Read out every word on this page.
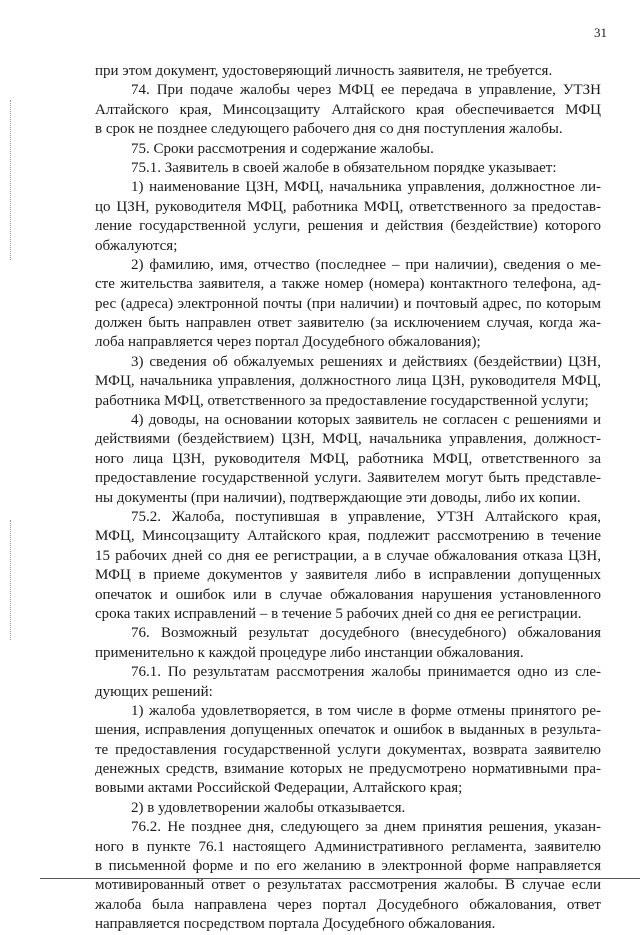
31
при этом документ, удостоверяющий личность заявителя, не требуется.
74. При подаче жалобы через МФЦ ее передача в управление, УТЗН
Алтайского края, Минсоцзащиту Алтайского края обеспечивается МФЦ
в срок не позднее следующего рабочего дня со дня поступления жалобы.
75. Сроки рассмотрения и содержание жалобы.
75.1. Заявитель в своей жалобе в обязательном порядке указывает:
1) наименование ЦЗН, МФЦ, начальника управления, должностное ли-
цо ЦЗН, руководителя МФЦ, работника МФЦ, ответственного за предостав-
ление государственной услуги, решения и действия (бездействие) которого
обжалуются;
2) фамилию, имя, отчество (последнее – при наличии), сведения о ме-
сте жительства заявителя, а также номер (номера) контактного телефона, ад-
рес (адреса) электронной почты (при наличии) и почтовый адрес, по которым
должен быть направлен ответ заявителю (за исключением случая, когда жа-
лоба направляется через портал Досудебного обжалования);
3) сведения об обжалуемых решениях и действиях (бездействии) ЦЗН,
МФЦ, начальника управления, должностного лица ЦЗН, руководителя МФЦ,
работника МФЦ, ответственного за предоставление государственной услуги;
4) доводы, на основании которых заявитель не согласен с решениями и
действиями (бездействием) ЦЗН, МФЦ, начальника управления, должност-
ного лица ЦЗН, руководителя МФЦ, работника МФЦ, ответственного за
предоставление государственной услуги. Заявителем могут быть представле-
ны документы (при наличии), подтверждающие эти доводы, либо их копии.
75.2. Жалоба, поступившая в управление, УТЗН Алтайского края,
МФЦ, Минсоцзащиту Алтайского края, подлежит рассмотрению в течение
15 рабочих дней со дня ее регистрации, а в случае обжалования отказа ЦЗН,
МФЦ в приеме документов у заявителя либо в исправлении допущенных
опечаток и ошибок или в случае обжалования нарушения установленного
срока таких исправлений – в течение 5 рабочих дней со дня ее регистрации.
76. Возможный результат досудебного (внесудебного) обжалования
применительно к каждой процедуре либо инстанции обжалования.
76.1. По результатам рассмотрения жалобы принимается одно из сле-
дующих решений:
1) жалоба удовлетворяется, в том числе в форме отмены принятого ре-
шения, исправления допущенных опечаток и ошибок в выданных в результа-
те предоставления государственной услуги документах, возврата заявителю
денежных средств, взимание которых не предусмотрено нормативными пра-
вовыми актами Российской Федерации, Алтайского края;
2) в удовлетворении жалобы отказывается.
76.2. Не позднее дня, следующего за днем принятия решения, указан-
ного в пункте 76.1 настоящего Административного регламента, заявителю
в письменной форме и по его желанию в электронной форме направляется
мотивированный ответ о результатах рассмотрения жалобы. В случае если
жалоба была направлена через портал Досудебного обжалования, ответ
направляется посредством портала Досудебного обжалования.
